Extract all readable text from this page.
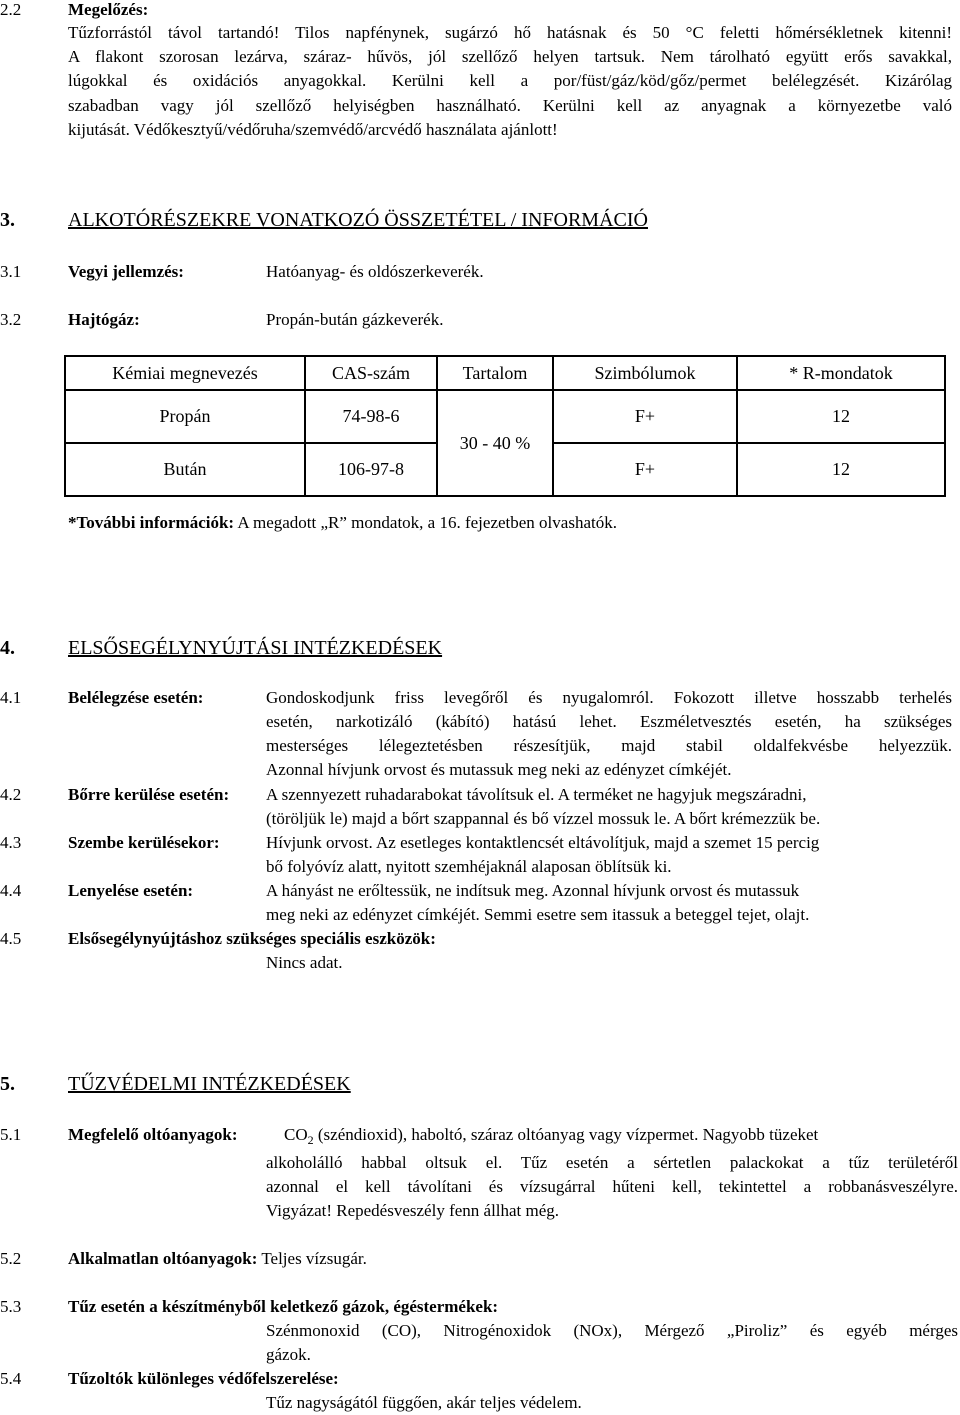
2.2	Megelőzés:
Tűzforrástól távol tartandó! Tilos napfénynek, sugárzó hő hatásnak és 50 °C feletti hőmérsékletnek kitenni!
A flakont szorosan lezárva, száraz- hűvös, jól szellőző helyen tartsuk. Nem tárolható együtt erős savakkal,
lúgokkal és oxidációs anyagokkal. Kerülni kell a por/füst/gáz/köd/gőz/permet belélegzését. Kizárólag
szabadban vagy jól szellőző helyiségben használható. Kerülni kell az anyagnak a környezetbe való
kijutását. Védőkesztyű/védőruha/szemvédő/arcvédő használata ajánlott!
3.	ALKOTÓRÉSZEKRE VONATKOZÓ ÖSSZETÉTEL / INFORMÁCIÓ
3.1	Vegyi jellemzés:	Hatóanyag- és oldószerkeverék.
3.2	Hajtógáz:	Propán-bután gázkeverék.
Kémiai megnevezés	CAS-szám	Tartalom	Szimbólumok	* R-mondatok
Propán	74-98-6	30 - 40 %	F+	12
Bután	106-97-8		F+	12
*További információk: A megadott „R” mondatok, a 16. fejezetben olvashatók.
4.	ELSŐSEGÉLYNYÚJTÁSI INTÉZKEDÉSEK
4.1	Belélegzése esetén:	Gondoskodjunk friss levegőről és nyugalomról. Fokozott illetve hosszabb terhelés
esetén, narkotizáló (kábító) hatású lehet. Eszméletvesztés esetén, ha szükséges
mesterséges lélegeztetésben részesítjük, majd stabil oldalfekvésbe helyezzük.
Azonnal hívjunk orvost és mutassuk meg neki az edényzet címkéjét.
4.2	Bőrre kerülése esetén: A szennyezett ruhadarabokat távolítsuk el. A terméket ne hagyjuk megszáradni,
(töröljük le) majd a bőrt szappannal és bő vízzel mossuk le. A bőrt krémezzük be.
4.3	Szembe kerülésekor:	Hívjunk orvost. Az esetleges kontaktlencsét eltávolítjuk, majd a szemet 15 percig
bő folyóvíz alatt, nyitott szemhéjaknál alaposan öblítsük ki.
4.4	Lenyelése esetén:	A hányást ne erőltessük, ne indítsuk meg. Azonnal hívjunk orvost és mutassuk
meg neki az edényzet címkéjét. Semmi esetre sem itassuk a beteggel tejet, olajt.
4.5	Elsősegélynyújtáshoz szükséges speciális eszközök:
Nincs adat.
5.	TŰZVÉDELMI INTÉZKEDÉSEK
5.1	Megfelelő oltóanyagok:	$CO_2$ (széndioxid), haboltó, száraz oltóanyag vagy vízpermet. Nagyobb tüzeket
alkoholálló habbal oltsuk el. Tűz esetén a sértetlen palackokat a tűz területéről
azonnal el kell távolítani és vízsugárral hűteni kell, tekintettel a robbanásveszélyre.
Vigyázat! Repedésveszély fenn állhat még.
5.2	Alkalmatlan oltóanyagok: Teljes vízsugár.
5.3	Tűz esetén a készítményből keletkező gázok, égéstermékek:
Szénmonoxid (CO), Nitrogénoxidok (NOx), Mérgező „Piroliz” és egyéb mérges
gázok.
5.4	Tűzoltók különleges védőfelszerelése:
Tűz nagyságától függően, akár teljes védelem.
